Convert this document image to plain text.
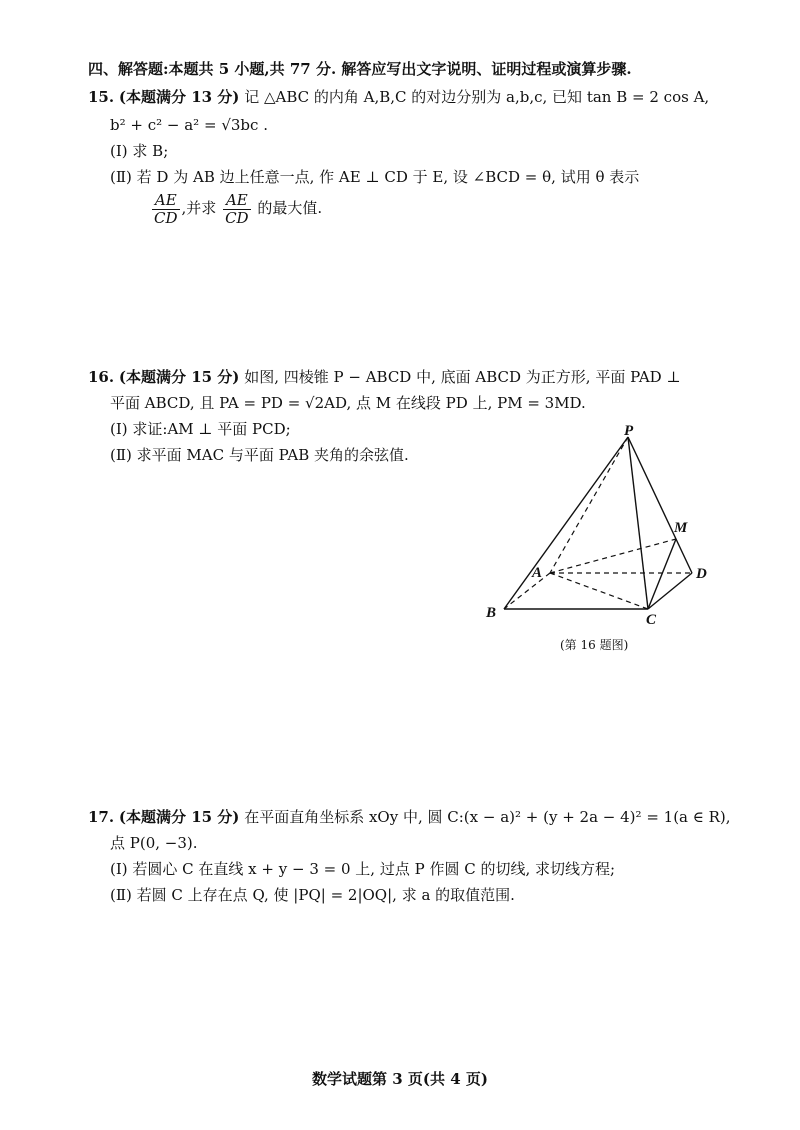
四、解答题:本题共 5 小题,共 77 分. 解答应写出文字说明、证明过程或演算步骤.
15. (本题满分 13 分) 记 △ABC 的内角 A,B,C 的对边分别为 a,b,c, 已知 tan B = 2 cos A,
b² + c² − a² = √3bc .
(Ⅰ) 求 B;
(Ⅱ) 若 D 为 AB 边上任意一点, 作 AE ⊥ CD 于 E, 设 ∠BCD = θ, 试用 θ 表示
$\frac{AE}{CD}$ ,并求 $\frac{AE}{CD}$ 的最大值.
16. (本题满分 15 分) 如图, 四棱锥 P − ABCD 中, 底面 ABCD 为正方形, 平面 PAD ⊥
平面 ABCD, 且 PA = PD = √2AD, 点 M 在线段 PD 上, PM = 3MD.
(Ⅰ) 求证:AM ⊥ 平面 PCD;
(Ⅱ) 求平面 MAC 与平面 PAB 夹角的余弦值.
P
M
A	D
B	C
(第 16 题图)
17. (本题满分 15 分) 在平面直角坐标系 xOy 中, 圆 C:(x − a)² + (y + 2a − 4)² = 1(a ∈ R),
点 P(0, −3).
(Ⅰ) 若圆心 C 在直线 x + y − 3 = 0 上, 过点 P 作圆 C 的切线, 求切线方程;
(Ⅱ) 若圆 C 上存在点 Q, 使 |PQ| = 2|OQ|, 求 a 的取值范围.
数学试题第 3 页(共 4 页)
